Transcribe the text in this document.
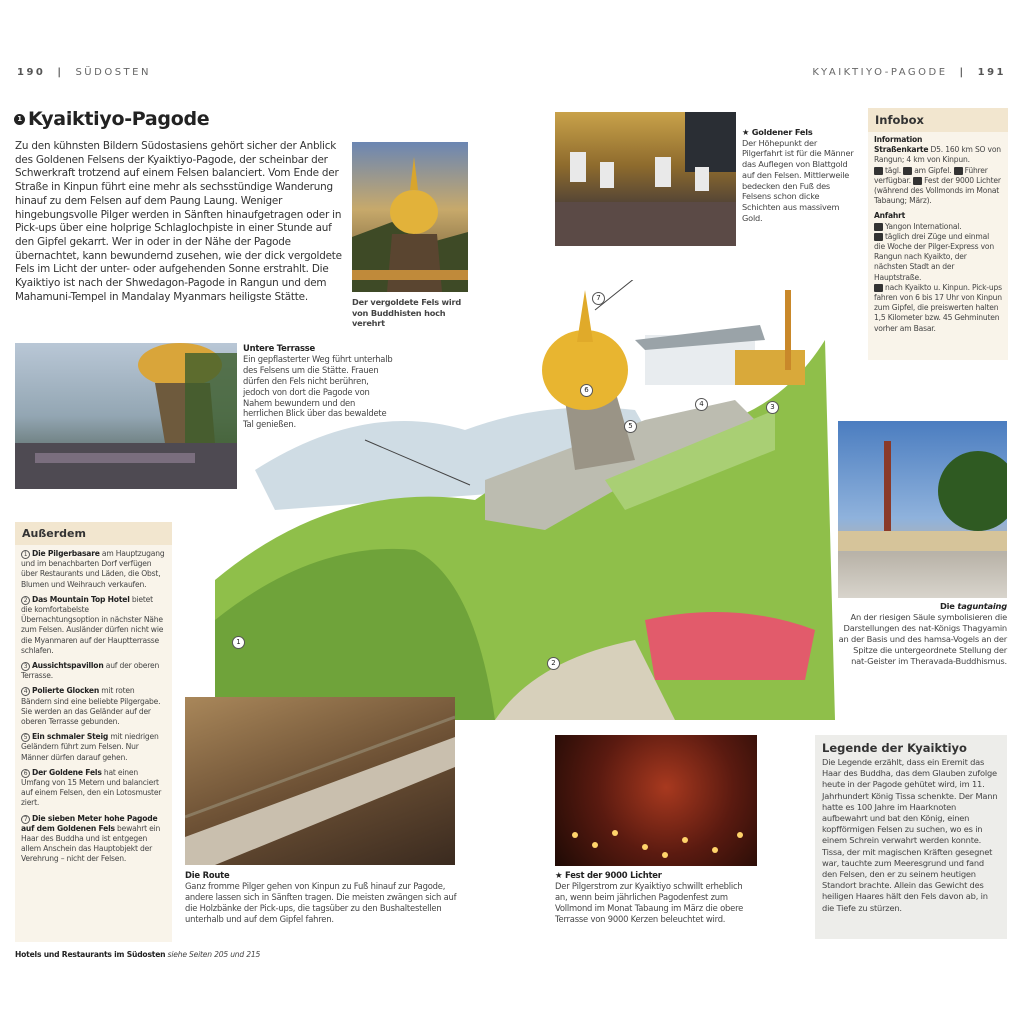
190  |  SÜDOSTEN	KYAIKTIYO-PAGODE  |  191
1 Kyaiktiyo-Pagode
Zu den kühnsten Bildern Südostasiens gehört sicher der Anblick des Goldenen Felsens der Kyaiktiyo-Pagode, der scheinbar der Schwerkraft trotzend auf einem Felsen balanciert. Vom Ende der Straße in Kinpun führt eine mehr als sechsstündige Wanderung hinauf zu dem Felsen auf dem Paung Laung. Weniger hingebungsvolle Pilger werden in Sänften hinaufgetragen oder in Pick-ups über eine holprige Schlaglochpiste in einer Stunde auf den Gipfel gekarrt. Wer in oder in der Nähe der Pagode übernachtet, kann bewundernd zusehen, wie der dick vergoldete Fels im Licht der unter- oder aufgehenden Sonne erstrahlt. Die Kyaiktiyo ist nach der Shwedagon-Pagode in Rangun und dem Mahamuni-Tempel in Mandalay Myanmars heiligste Stätte.	Der vergoldete Fels wird von Buddhisten hoch verehrt
★ Goldener Fels
Der Höhepunkt der Pilgerfahrt ist für die Männer das Auflegen von Blattgold auf den Felsen. Mittlerweile bedecken den Fuß des Felsens schon dicke Schichten aus massivem Gold.
Infobox
Information
Straßenkarte D5. 160 km SO von Rangun; 4 km von Kinpun.
tägl. am Gipfel. Führer verfügbar. Fest der 9000 Lichter (während des Vollmonds im Monat Tabaung; März).
Anfahrt
Yangon International.
täglich drei Züge und einmal die Woche der Pilger-Express von Rangun nach Kyaikto, der nächsten Stadt an der Hauptstraße.
nach Kyaikto u. Kinpun. Pick-ups fahren von 6 bis 17 Uhr von Kinpun zum Gipfel, die preiswerten halten 1,5 Kilometer bzw. 45 Gehminuten vorher am Basar.
Untere Terrasse
Ein gepflasterter Weg führt unterhalb des Felsens um die Stätte. Frauen dürfen den Fels nicht berühren, jedoch von dort die Pagode von Nahem bewundern und den herrlichen Blick über das bewaldete Tal genießen.
7
6
4
5
3
1
2
Die taguntaing
An der riesigen Säule symbolisieren die Darstellungen des nat-Königs Thagyamin an der Basis und des hamsa-Vogels an der Spitze die untergeordnete Stellung der nat-Geister im Theravada-Buddhismus.
Außerdem

1 Die Pilgerbasare am Hauptzugang und im benachbarten Dorf verfügen über Restaurants und Läden, die Obst, Blumen und Weihrauch verkaufen.

2 Das Mountain Top Hotel bietet die komfortabelste Übernachtungsoption in nächster Nähe zum Felsen. Ausländer dürfen nicht wie die Myanmaren auf der Hauptterrasse schlafen.

3 Aussichtspavillon auf der oberen Terrasse.

4 Polierte Glocken mit roten Bändern sind eine beliebte Pilgergabe. Sie werden an das Geländer auf der oberen Terrasse gebunden.

5 Ein schmaler Steig mit niedrigen Geländern führt zum Felsen. Nur Männer dürfen darauf gehen.

6 Der Goldene Fels hat einen Umfang von 15 Metern und balanciert auf einem Felsen, den ein Lotosmuster ziert.

7 Die sieben Meter hohe Pagode auf dem Goldenen Fels bewahrt ein Haar des Buddha und ist entgegen allem Anschein das Hauptobjekt der Verehrung – nicht der Felsen.

Die Route
Ganz fromme Pilger gehen von Kinpun zu Fuß hinauf zur Pagode, andere lassen sich in Sänften tragen. Die meisten zwängen sich auf die Holzbänke der Pick-ups, die tagsüber zu den Bushaltestellen unterhalb und auf dem Gipfel fahren.
★ Fest der 9000 Lichter
Der Pilgerstrom zur Kyaiktiyo schwillt erheblich an, wenn beim jährlichen Pagodenfest zum Vollmond im Monat Tabaung im März die obere Terrasse von 9000 Kerzen beleuchtet wird.
Legende der Kyaiktiyo
Die Legende erzählt, dass ein Eremit das Haar des Buddha, das dem Glauben zufolge heute in der Pagode gehütet wird, im 11. Jahrhundert König Tissa schenkte. Der Mann hatte es 100 Jahre im Haarknoten aufbewahrt und bat den König, einen kopfförmigen Felsen zu suchen, wo es in einem Schrein verwahrt werden konnte. Tissa, der mit magischen Kräften gesegnet war, tauchte zum Meeresgrund und fand den Felsen, den er zu seinem heutigen Standort brachte. Allein das Gewicht des heiligen Haares hält den Fels davon ab, in die Tiefe zu stürzen.
Hotels und Restaurants im Südosten siehe Seiten 205 und 215
